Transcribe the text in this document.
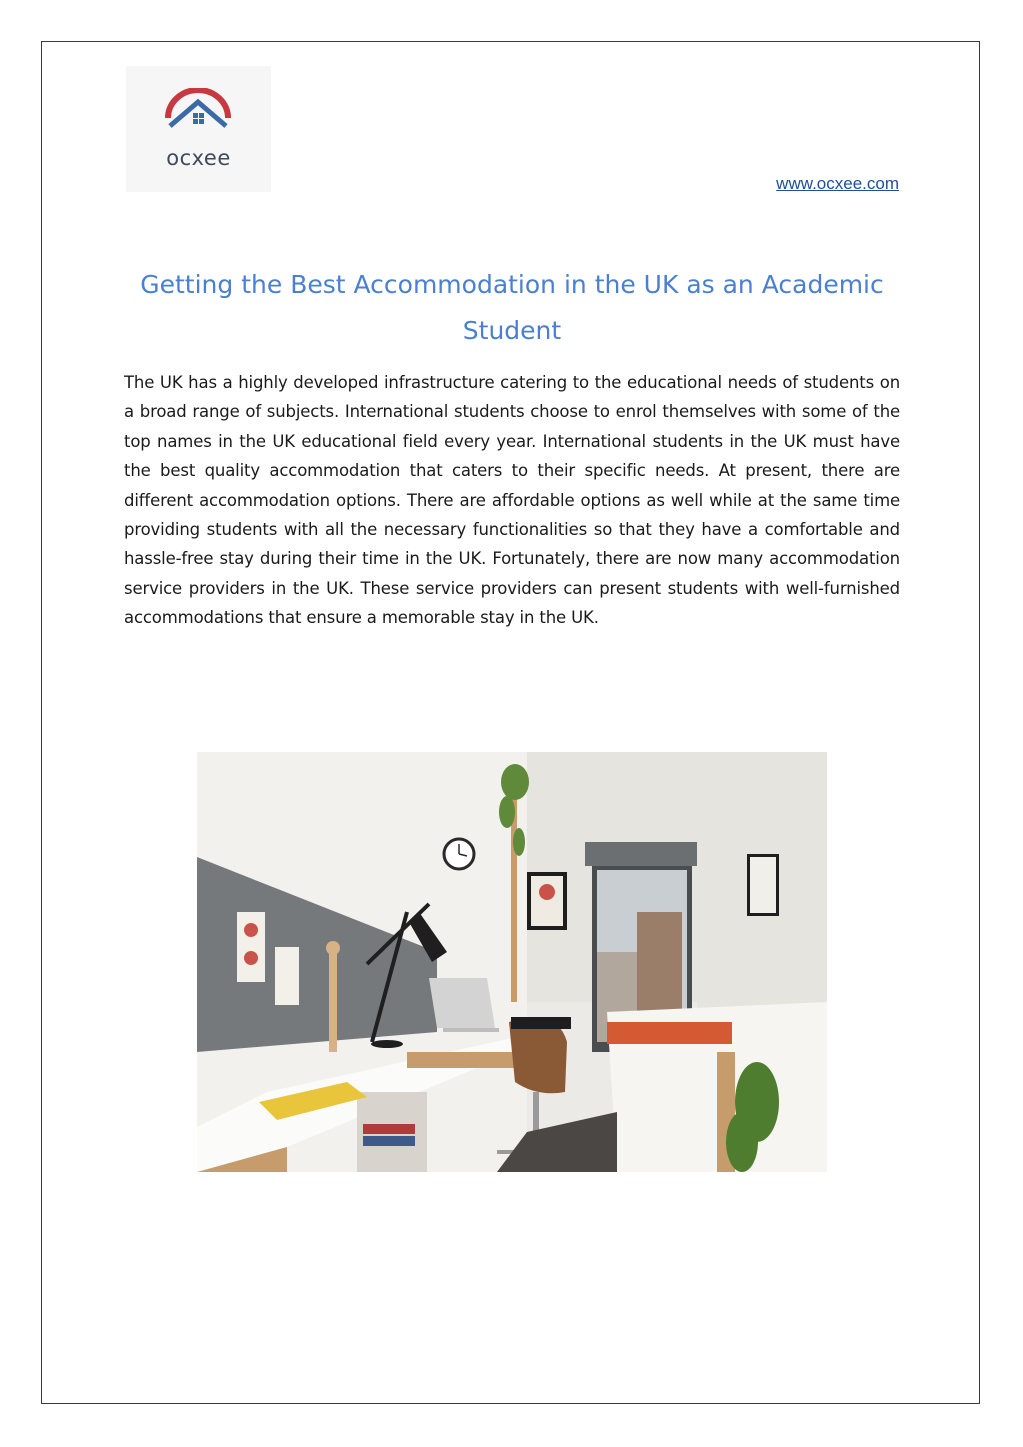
ocxee
www.ocxee.com
Getting the Best Accommodation in the UK as an Academic Student

The UK has a highly developed infrastructure catering to the educational needs of students on a broad range of subjects. International students choose to enrol themselves with some of the top names in the UK educational field every year. International students in the UK must have the best quality accommodation that caters to their specific needs. At present, there are different accommodation options. There are affordable options as well while at the same time providing students with all the necessary functionalities so that they have a comfortable and hassle-free stay during their time in the UK. Fortunately, there are now many accommodation service providers in the UK. These service providers can present students with well-furnished accommodations that ensure a memorable stay in the UK.
